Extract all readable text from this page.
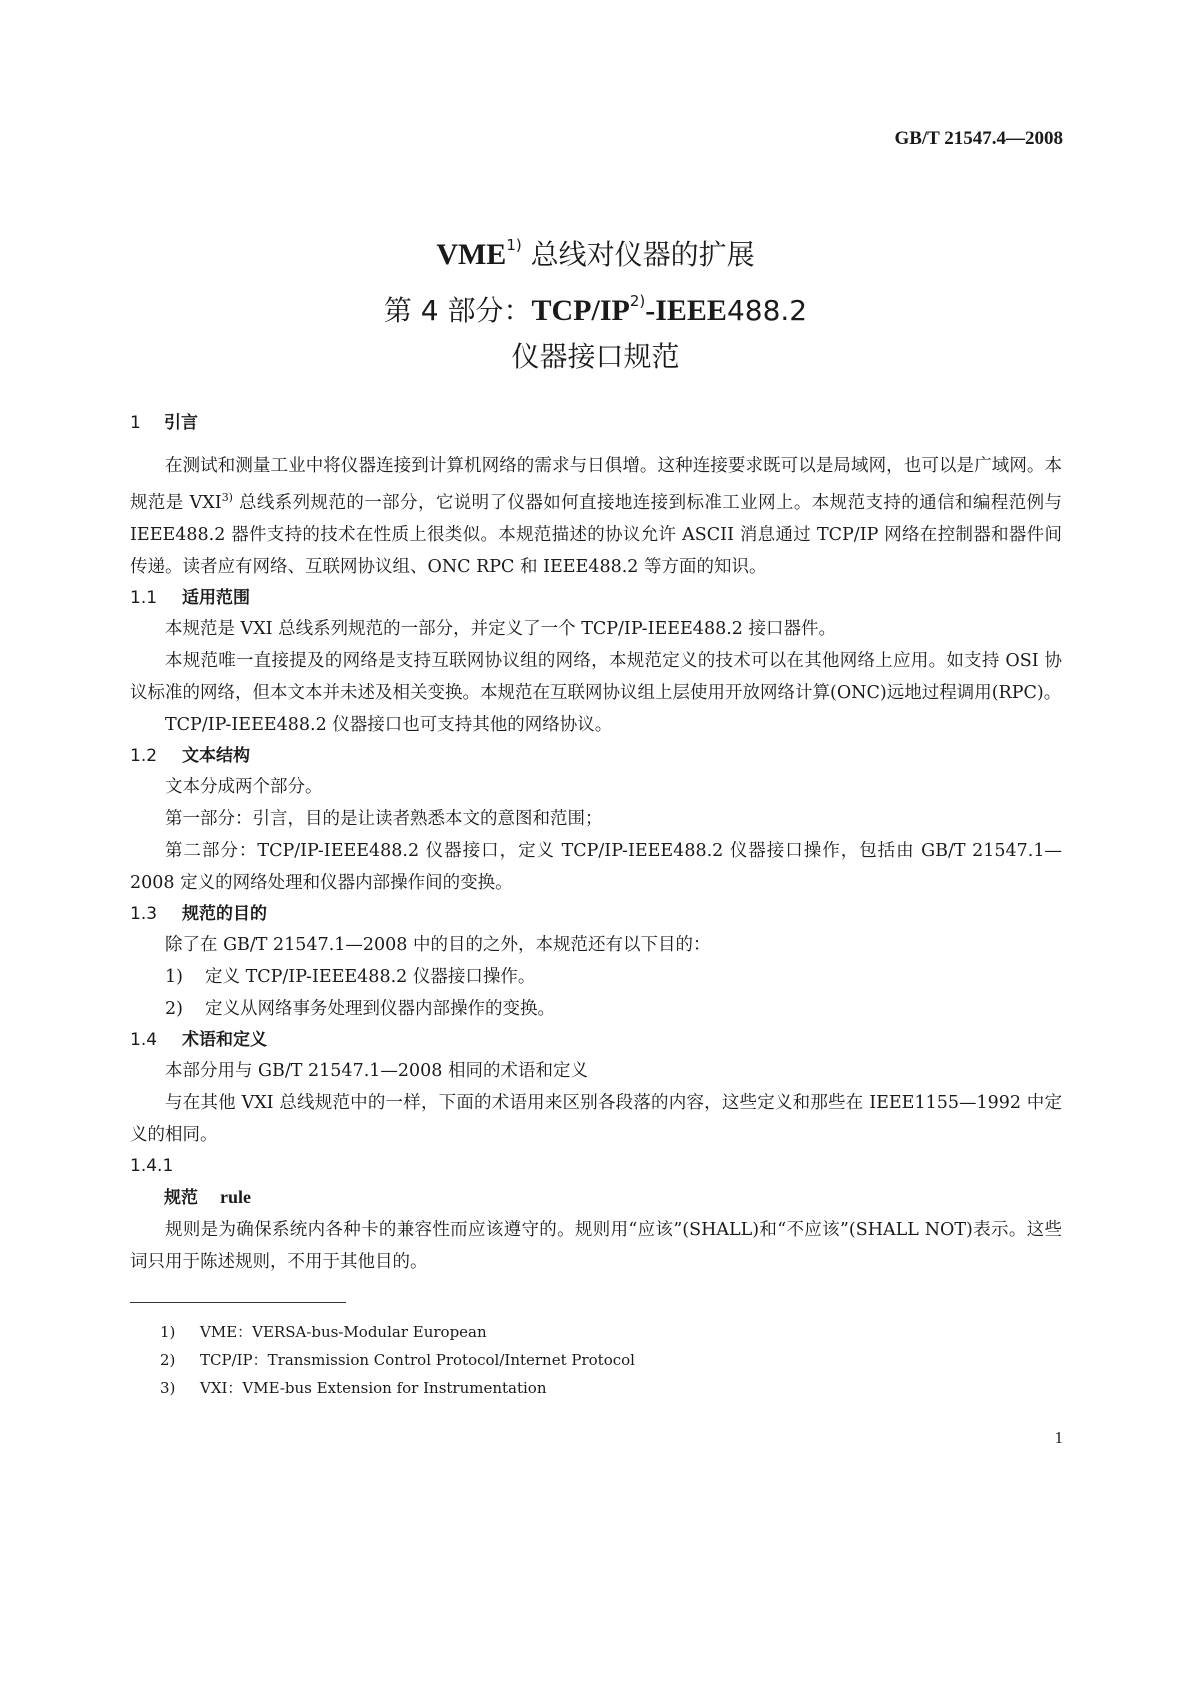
GB/T 21547.4—2008
VME$^{1)}$ 总线对仪器的扩展
第 4 部分：TCP/IP$^{2)}$-IEEE488.2
仪器接口规范
1 引言

在测试和测量工业中将仪器连接到计算机网络的需求与日俱增。这种连接要求既可以是局域网，也可以是广域网。本规范是 VXI$^{3)}$ 总线系列规范的一部分，它说明了仪器如何直接地连接到标准工业网上。本规范支持的通信和编程范例与 IEEE488.2 器件支持的技术在性质上很类似。本规范描述的协议允许 ASCII 消息通过 TCP/IP 网络在控制器和器件间传递。读者应有网络、互联网协议组、ONC RPC 和 IEEE488.2 等方面的知识。

1.1 适用范围

本规范是 VXI 总线系列规范的一部分，并定义了一个 TCP/IP-IEEE488.2 接口器件。

本规范唯一直接提及的网络是支持互联网协议组的网络，本规范定义的技术可以在其他网络上应用。如支持 OSI 协议标准的网络，但本文本并未述及相关变换。本规范在互联网协议组上层使用开放网络计算(ONC)远地过程调用(RPC)。

TCP/IP-IEEE488.2 仪器接口也可支持其他的网络协议。

1.2 文本结构

文本分成两个部分。

第一部分：引言，目的是让读者熟悉本文的意图和范围；

第二部分：TCP/IP-IEEE488.2 仪器接口，定义 TCP/IP-IEEE488.2 仪器接口操作，包括由 GB/T 21547.1—2008 定义的网络处理和仪器内部操作间的变换。

1.3 规范的目的

除了在 GB/T 21547.1—2008 中的目的之外，本规范还有以下目的：

1) 定义 TCP/IP-IEEE488.2 仪器接口操作。
2) 定义从网络事务处理到仪器内部操作的变换。
1.4 术语和定义

本部分用与 GB/T 21547.1—2008 相同的术语和定义

与在其他 VXI 总线规范中的一样，下面的术语用来区别各段落的内容，这些定义和那些在 IEEE1155—1992 中定义的相同。

1.4.1
规范 rule

规则是为确保系统内各种卡的兼容性而应该遵守的。规则用“应该”(SHALL)和“不应该”(SHALL NOT)表示。这些词只用于陈述规则，不用于其他目的。

1) VME：VERSA-bus-Modular European
2) TCP/IP：Transmission Control Protocol/Internet Protocol
3) VXI：VME-bus Extension for Instrumentation
1
